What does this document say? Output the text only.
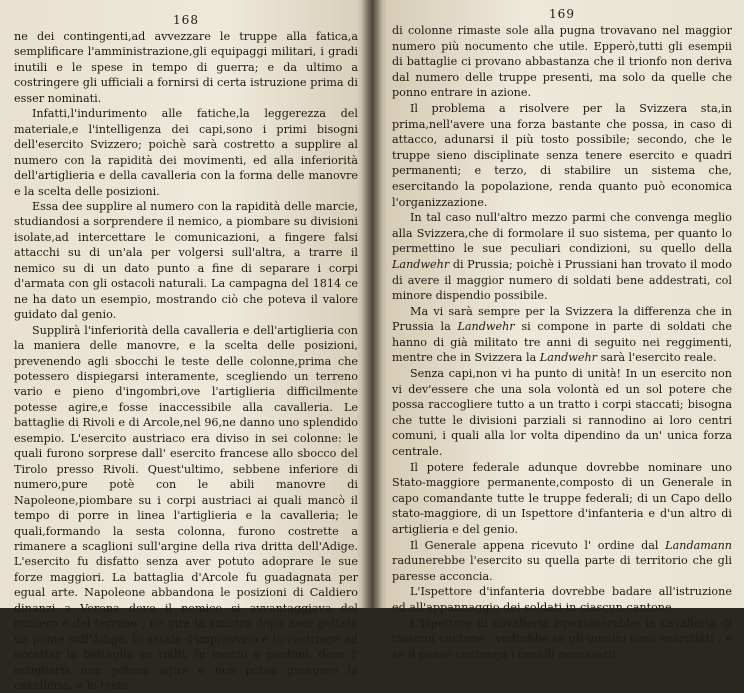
168

ne dei contingenti,ad avvezzare le truppe alla fatica,a semplificare l'amministrazione,gli equipaggi militari, i gradi inutili e le spese in tempo di guerra; e da ultimo a costringere gli ufficiali a fornirsi di certa istruzione prima di esser nominati.

Infatti,l'indurimento alle fatiche,la leggerezza del materiale,e l'intelligenza dei capi,sono i primi bisogni dell'esercito Svizzero; poichè sarà costretto a supplire al numero con la rapidità dei movimenti, ed alla inferiorità dell'artiglieria e della cavalleria con la forma delle manovre e la scelta delle posizioni.

Essa dee supplire al numero con la rapidità delle marcie, studiandosi a sorprendere il nemico, a piombare su divisioni isolate,ad intercettare le comunicazioni, a fingere falsi attacchi su di un'ala per volgersi sull'altra, a trarre il nemico su di un dato punto a fine di separare i corpi d'armata con gli ostacoli naturali. La campagna del 1814 ce ne ha dato un esempio, mostrando ciò che poteva il valore guidato dal genio.

Supplirà l'inferiorità della cavalleria e dell'artiglieria con la maniera delle manovre, e la scelta delle posizioni, prevenendo agli sbocchi le teste delle colonne,prima che potessero dispiegarsi interamente, scegliendo un terreno vario e pieno d'ingombri,ove l'artiglieria difficilmente potesse agire,e fosse inaccessibile alla cavalleria. Le battaglie di Rivoli e di Arcole,nel 96,ne danno uno splendido esempio. L'esercito austriaco era diviso in sei colonne: le quali furono sorprese dall' esercito francese allo sbocco del Tirolo presso Rivoli. Quest'ultimo, sebbene inferiore di numero,pure potè con le abili manovre di Napoleone,piombare su i corpi austriaci ai quali mancò il tempo di porre in linea l'artiglieria e la cavalleria; le quali,formando la sesta colonna, furono costrette a rimanere a scaglioni sull'argine della riva dritta dell'Adige. L'esercito fu disfatto senza aver potuto adoprare le sue forze maggiori. La battaglia d'Arcole fu guadagnata per egual arte. Napoleone abbandona le posizioni di Caldiero dinanzi a Verona dove il nemico si avvantaggiava del numero e del terreno ; ne gira la sinistra dopo aver gettato un ponte sull'Adige, lo assale d'improvviso e lo costringe ad accettar la battaglia su rialti, in mezzo a pantani, dove l' artiglieria non poteva agire e non potea giungere la cavalleria, e le teste

169

di colonne rimaste sole alla pugna trovavano nel maggior numero più nocumento che utile. Epperò,tutti gli esempii di battaglie ci provano abbastanza che il trionfo non deriva dal numero delle truppe presenti, ma solo da quelle che ponno entrare in azione.

Il problema a risolvere per la Svizzera sta,in prima,nell'avere una forza bastante che possa, in caso di attacco, adunarsi il più tosto possibile; secondo, che le truppe sieno disciplinate senza tenere esercito e quadri permanenti; e terzo, di stabilire un sistema che, esercitando la popolazione, renda quanto può economica l'organizzazione.

In tal caso null'altro mezzo parmi che convenga meglio alla Svizzera,che di formolare il suo sistema, per quanto lo permettino le sue peculiari condizioni, su quello della Landwehr di Prussia; poichè i Prussiani han trovato il modo di avere il maggior numero di soldati bene addestrati, col minore dispendio possibile.

Ma vi sarà sempre per la Svizzera la differenza che in Prussia la Landwehr si compone in parte di soldati che hanno di già militato tre anni di seguito nei reggimenti, mentre che in Svizzera la Landwehr sarà l'esercito reale.

Senza capi,non vi ha punto di unità! In un esercito non vi dev'essere che una sola volontà ed un sol potere che possa raccogliere tutto a un tratto i corpi staccati; bisogna che tutte le divisioni parziali si rannodino ai loro centri comuni, i quali alla lor volta dipendino da un' unica forza centrale.

Il potere federale adunque dovrebbe nominare uno Stato-maggiore permanente,composto di un Generale in capo comandante tutte le truppe federali; di un Capo dello stato-maggiore, di un Ispettore d'infanteria e d'un altro di artiglieria e del genio.

Il Generale appena ricevuto l' ordine dal Landamann radunerebbe l'esercito su quella parte di territorio che gli paresse acconcia.

L'Ispettore d'infanteria dovrebbe badare all'istruzione ed all'appannaggio dei soldati in ciascun cantone.

L'Ispettore di cavalleria ispezionerebbe la cavalleria di ciascun cantone , vedrebbe se gli uomini sono esercitati , e se il paese contenga i cavalli necessarii.
